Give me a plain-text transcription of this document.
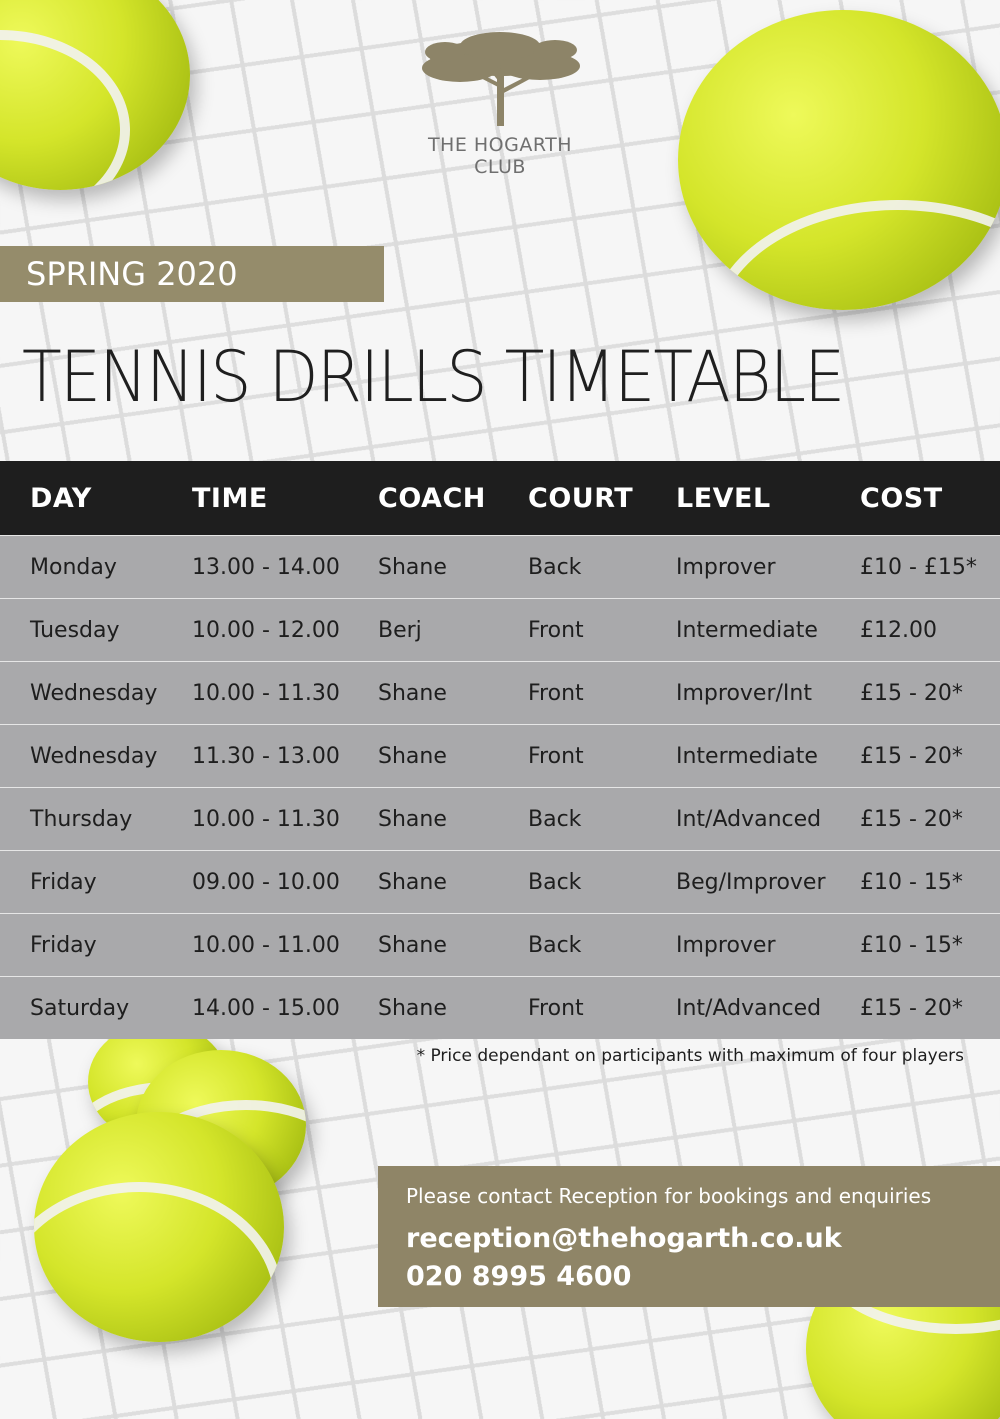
THE HOGARTH CLUB
SPRING 2020
TENNIS DRILLS TIMETABLE
DAY	TIME	COACH COURT LEVEL	COST
Monday	13.00 - 14.00 Shane	Back	Improver	£10 - £15*
Tuesday	10.00 - 12.00 Berj	Front	Intermediate £12.00
Wednesday 10.00 - 11.30 Shane	Front	Improver/Int £15 - 20*
Wednesday 11.30 - 13.00 Shane	Front	Intermediate £15 - 20*
Thursday	10.00 - 11.30 Shane	Back	Int/Advanced £15 - 20*
Friday	09.00 - 10.00 Shane	Back	Beg/Improver £10 - 15*
Friday	10.00 - 11.00 Shane	Back	Improver	£10 - 15*
Saturday	14.00 - 15.00 Shane	Front	Int/Advanced £15 - 20*
* Price dependant on participants with maximum of four players
Please contact Reception for bookings and enquiries
reception@thehogarth.co.uk
020 8995 4600
